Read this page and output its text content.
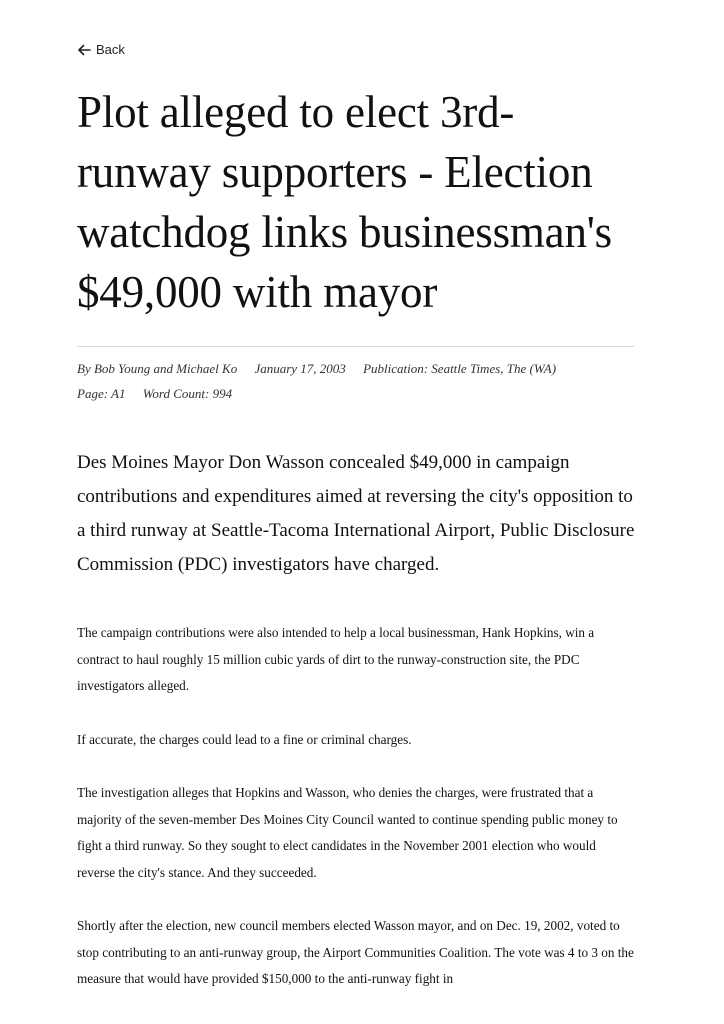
Back
Plot alleged to elect 3rd-runway supporters - Election watchdog links businessman's $49,000 with mayor
By Bob Young and Michael Ko January 17, 2003 Publication: Seattle Times, The (WA)
Page: A1 Word Count: 994

Des Moines Mayor Don Wasson concealed $49,000 in campaign contributions and expenditures aimed at reversing the city's opposition to a third runway at Seattle-Tacoma International Airport, Public Disclosure Commission (PDC) investigators have charged.

The campaign contributions were also intended to help a local businessman, Hank Hopkins, win a contract to haul roughly 15 million cubic yards of dirt to the runway-construction site, the PDC investigators alleged.

If accurate, the charges could lead to a fine or criminal charges.

The investigation alleges that Hopkins and Wasson, who denies the charges, were frustrated that a majority of the seven-member Des Moines City Council wanted to continue spending public money to fight a third runway. So they sought to elect candidates in the November 2001 election who would reverse the city's stance. And they succeeded.

Shortly after the election, new council members elected Wasson mayor, and on Dec. 19, 2002, voted to stop contributing to an anti-runway group, the Airport Communities Coalition. The vote was 4 to 3 on the measure that would have provided $150,000 to the anti-runway fight in
